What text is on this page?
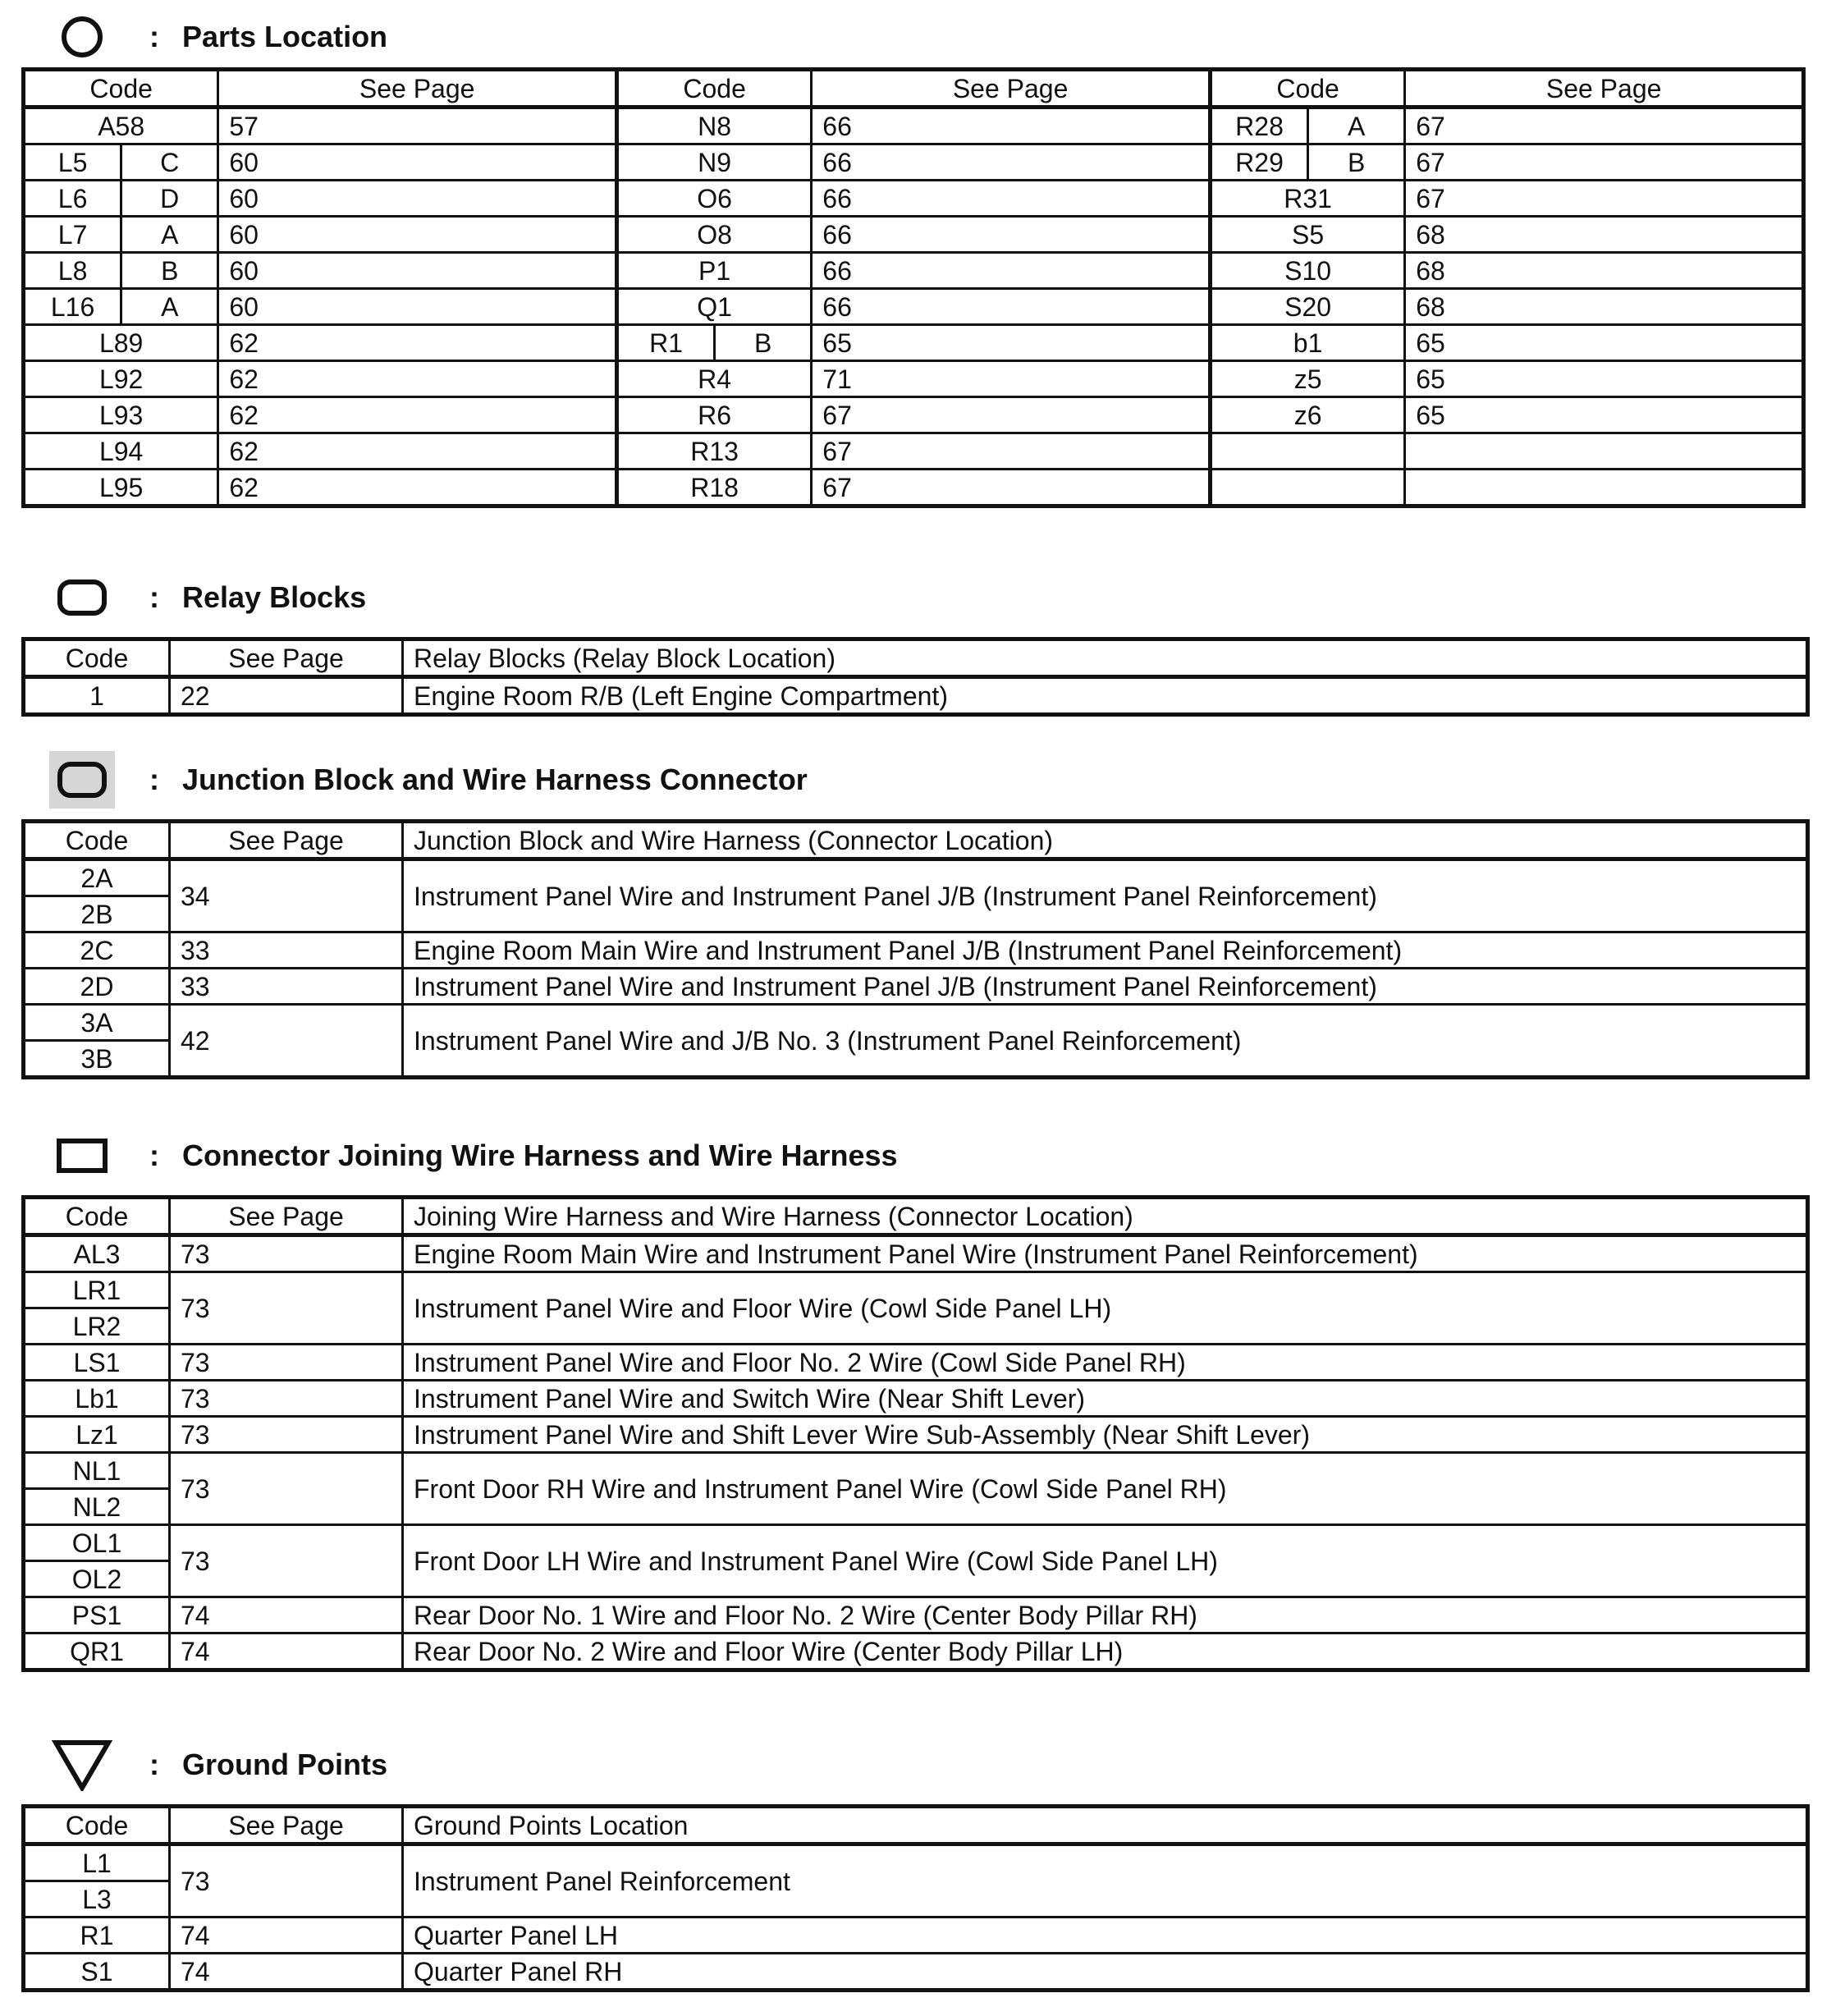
: Parts Location
Code		See Page	Code		See Page	Code		See Page
A58		57	N8		66	R28	A	67
L5	C	60	N9		66	R29	B	67
L6	D	60	O6		66	R31		67
L7	A	60	O8		66	S5		68
L8	B	60	P1		66	S10		68
L16	A	60	Q1		66	S20		68
L89		62	R1	B	65	b1		65
L92		62	R4		71	z5		65
L93		62	R6		67	z6		65
L94		62	R13		67			
L95		62	R18		67			
: Relay Blocks
Code	See Page	Relay Blocks (Relay Block Location)
1	22	Engine Room R/B (Left Engine Compartment)
: Junction Block and Wire Harness Connector
Code	See Page	Junction Block and Wire Harness (Connector Location)
2A	34	Instrument Panel Wire and Instrument Panel J/B (Instrument Panel Reinforcement)
2B		
2C	33	Engine Room Main Wire and Instrument Panel J/B (Instrument Panel Reinforcement)
2D	33	Instrument Panel Wire and Instrument Panel J/B (Instrument Panel Reinforcement)
3A	42	Instrument Panel Wire and J/B No. 3 (Instrument Panel Reinforcement)
3B		
: Connector Joining Wire Harness and Wire Harness
Code	See Page	Joining Wire Harness and Wire Harness (Connector Location)
AL3	73	Engine Room Main Wire and Instrument Panel Wire (Instrument Panel Reinforcement)
LR1	73	Instrument Panel Wire and Floor Wire (Cowl Side Panel LH)
LR2		
LS1	73	Instrument Panel Wire and Floor No. 2 Wire (Cowl Side Panel RH)
Lb1	73	Instrument Panel Wire and Switch Wire (Near Shift Lever)
Lz1	73	Instrument Panel Wire and Shift Lever Wire Sub-Assembly (Near Shift Lever)
NL1	73	Front Door RH Wire and Instrument Panel Wire (Cowl Side Panel RH)
NL2		
OL1	73	Front Door LH Wire and Instrument Panel Wire (Cowl Side Panel LH)
OL2		
PS1	74	Rear Door No. 1 Wire and Floor No. 2 Wire (Center Body Pillar RH)
QR1	74	Rear Door No. 2 Wire and Floor Wire (Center Body Pillar LH)
: Ground Points
Code	See Page	Ground Points Location
L1	73	Instrument Panel Reinforcement
L3		
R1	74	Quarter Panel LH
S1	74	Quarter Panel RH
